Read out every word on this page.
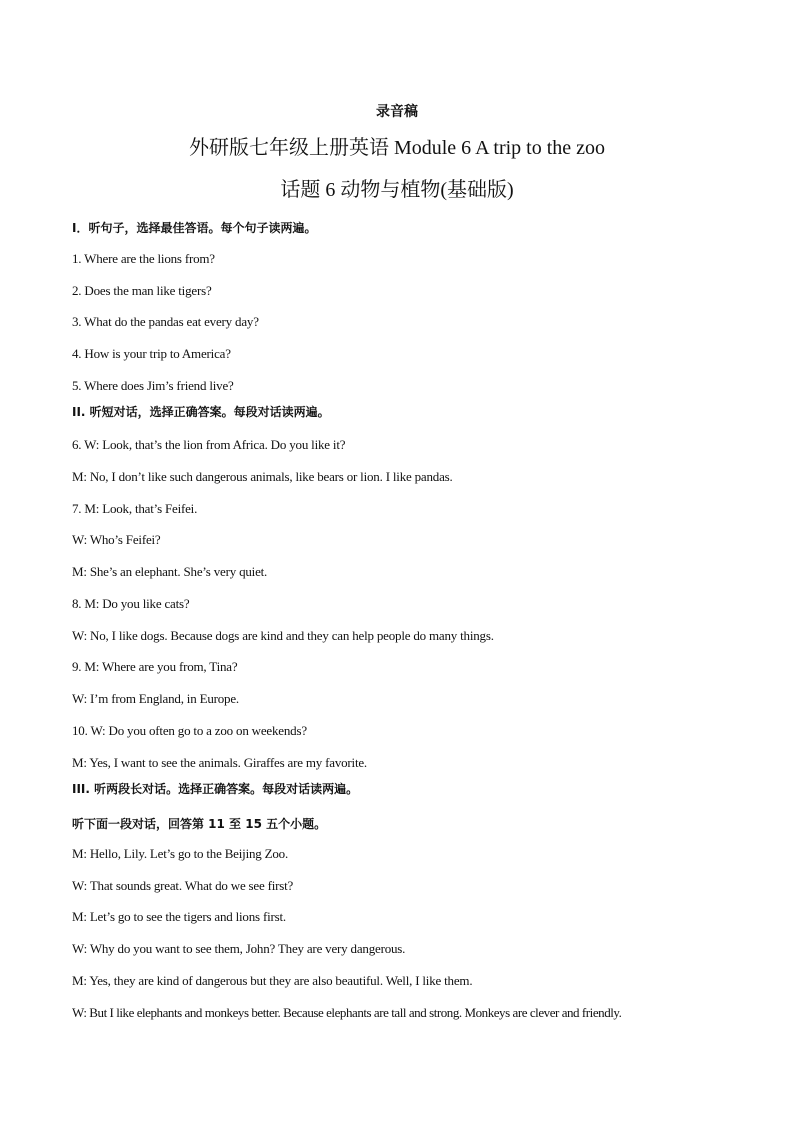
录音稿
外研版七年级上册英语 Module 6 A trip to the zoo
话题 6 动物与植物(基础版)
Ⅰ．听句子，选择最佳答语。每个句子读两遍。
1. Where are the lions from?
2. Does the man like tigers?
3. What do the pandas eat every day?
4. How is your trip to America?
5. Where does Jim’s friend live?
II. 听短对话，选择正确答案。每段对话读两遍。
6. W: Look, that’s the lion from Africa. Do you like it?
M: No, I don’t like such dangerous animals, like bears or lion. I like pandas.
7. M: Look, that’s Feifei.
W: Who’s Feifei?
M: She’s an elephant. She’s very quiet.
8. M: Do you like cats?
W: No, I like dogs. Because dogs are kind and they can help people do many things.
9. M: Where are you from, Tina?
W: I’m from England, in Europe.
10. W: Do you often go to a zoo on weekends?
M: Yes, I want to see the animals. Giraffes are my favorite.
III. 听两段长对话。选择正确答案。每段对话读两遍。
听下面一段对话，回答第 11 至 15 五个小题。
M: Hello, Lily. Let’s go to the Beijing Zoo.
W: That sounds great. What do we see first?
M: Let’s go to see the tigers and lions first.
W: Why do you want to see them, John? They are very dangerous.
M: Yes, they are kind of dangerous but they are also beautiful. Well, I like them.
W: But I like elephants and monkeys better. Because elephants are tall and strong. Monkeys are clever and friendly.
